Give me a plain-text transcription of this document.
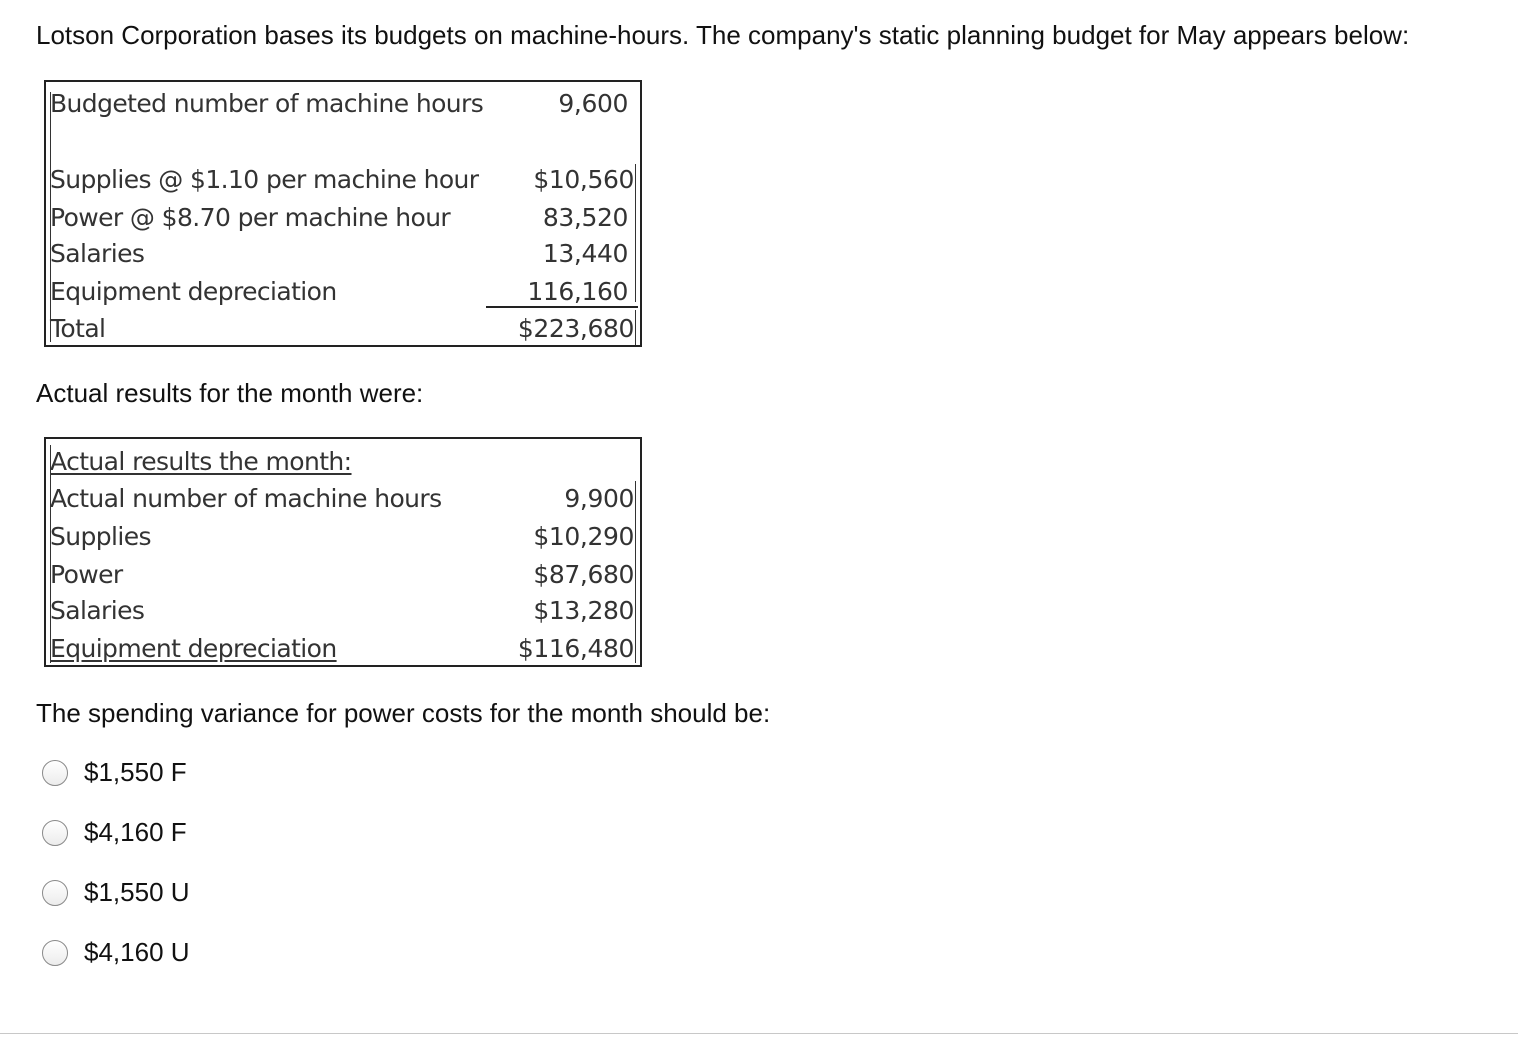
Lotson Corporation bases its budgets on machine-hours. The company's static planning budget for May appears below:

Budgeted number of machine hours	9,600
Supplies @ $1.10 per machine hour $10,560
Power @ $8.70 per machine hour	83,520
Salaries	13,440
Equipment depreciation	116,160
Total	$223,680

Actual results for the month were:

Actual results the month:
Actual number of machine hours	9,900
Supplies	$10,290
Power	$87,680
Salaries	$13,280
Equipment depreciation	$116,480

The spending variance for power costs for the month should be:

$1,550 F
$4,160 F
$1,550 U
$4,160 U
